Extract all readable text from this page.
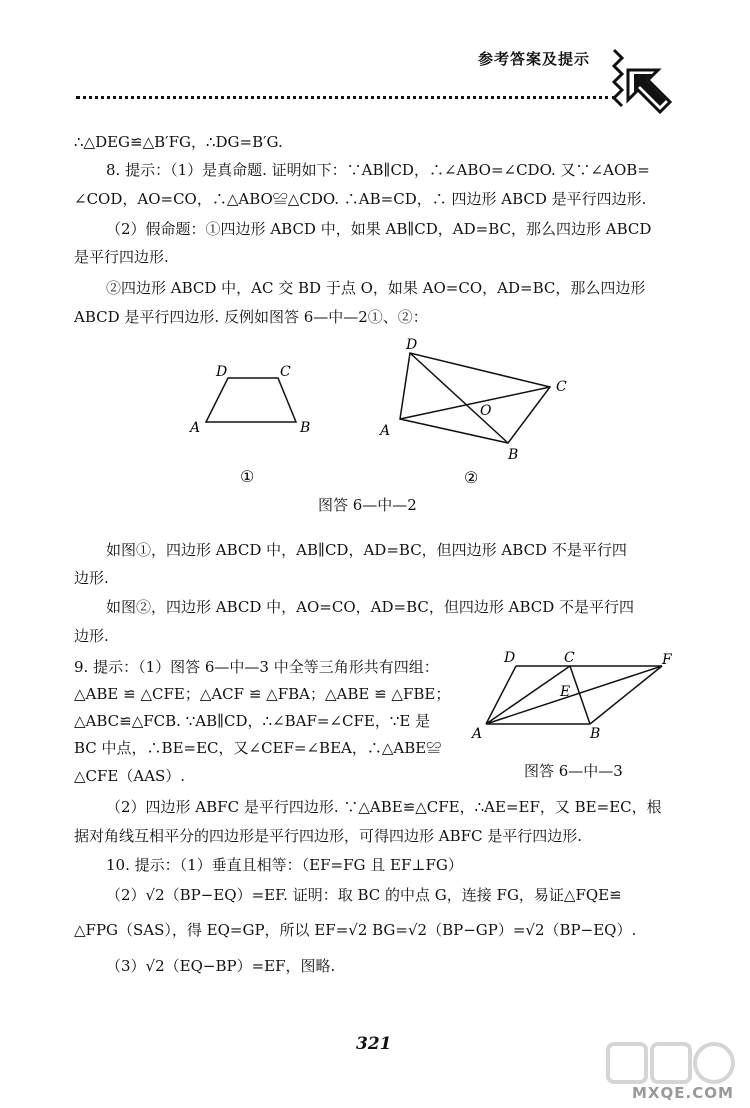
参考答案及提示
∴△DEG≌△B′FG，∴DG=B′G.
8. 提示：（1）是真命题. 证明如下：∵AB∥CD，∴∠ABO=∠CDO. 又∵∠AOB=
∠COD，AO=CO，∴△ABO≌△CDO. ∴AB=CD，∴ 四边形 ABCD 是平行四边形.
（2）假命题：①四边形 ABCD 中，如果 AB∥CD，AD=BC，那么四边形 ABCD
是平行四边形.
②四边形 ABCD 中，AC 交 BD 于点 O，如果 AO=CO，AD=BC，那么四边形
ABCD 是平行四边形. 反例如图答 6—中—2①、②：
D	C
A	B
①
D
C
A
B
O
②
图答 6—中—2
如图①，四边形 ABCD 中，AB∥CD，AD=BC，但四边形 ABCD 不是平行四
边形.
如图②，四边形 ABCD 中，AO=CO，AD=BC，但四边形 ABCD 不是平行四
边形.
9. 提示：（1）图答 6—中—3 中全等三角形共有四组：
△ABE ≌ △CFE；△ACF ≌ △FBA；△ABE ≌ △FBE；
△ABC≌△FCB. ∵AB∥CD，∴∠BAF=∠CFE，∵E 是
BC 中点，∴BE=EC，又∠CEF=∠BEA，∴△ABE≌
△CFE（AAS）.
D	C	F
E
A	B
图答 6—中—3
（2）四边形 ABFC 是平行四边形. ∵△ABE≌△CFE，∴AE=EF，又 BE=EC，根
据对角线互相平分的四边形是平行四边形，可得四边形 ABFC 是平行四边形.
10. 提示：（1）垂直且相等：（EF=FG 且 EF⊥FG）
（2）√2（BP−EQ）=EF. 证明：取 BC 的中点 G，连接 FG，易证△FQE≌
△FPG（SAS），得 EQ=GP，所以 EF=√2 BG=√2（BP−GP）=√2（BP−EQ）.
（3）√2（EQ−BP）=EF，图略.
321
MXQE.COM
